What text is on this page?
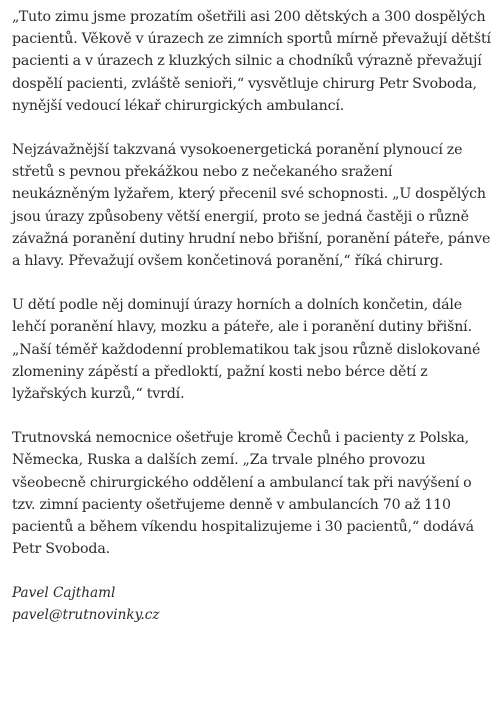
„Tuto zimu jsme prozatím ošetřili asi 200 dětských a 300 dospělých pacientů. Věkově v úrazech ze zimních sportů mírně převažují dětští pacienti a v úrazech z kluzkých silnic a chodníků výrazně převažují dospělí pacienti, zvláště senioři,“ vysvětluje chirurg Petr Svoboda, nynější vedoucí lékař chirurgických ambulancí.

Nejzávažnější takzvaná vysokoenergetická poranění plynoucí ze střetů s pevnou překážkou nebo z nečekaného sražení neukázněným lyžařem, který přecenil své schopnosti. „U dospělých jsou úrazy způsobeny větší energií, proto se jedná častěji o různě závažná poranění dutiny hrudní nebo břišní, poranění páteře, pánve a hlavy. Převažují ovšem končetinová poranění,“ říká chirurg.

U dětí podle něj dominují úrazy horních a dolních končetin, dále lehčí poranění hlavy, mozku a páteře, ale i poranění dutiny břišní. „Naší téměř každodenní problematikou tak jsou různě dislokované zlomeniny zápěstí a předloktí, pažní kosti nebo bérce dětí z lyžařských kurzů,“ tvrdí.

Trutnovská nemocnice ošetřuje kromě Čechů i pacienty z Polska, Německa, Ruska a dalších zemí. „Za trvale plného provozu všeobecně chirurgického oddělení a ambulancí tak při navýšení o tzv. zimní pacienty ošetřujeme denně v ambulancích 70 až 110 pacientů a během víkendu hospitalizujeme i 30 pacientů,“ dodává Petr Svoboda.

Pavel Cajthaml
pavel@trutnovinky.cz
